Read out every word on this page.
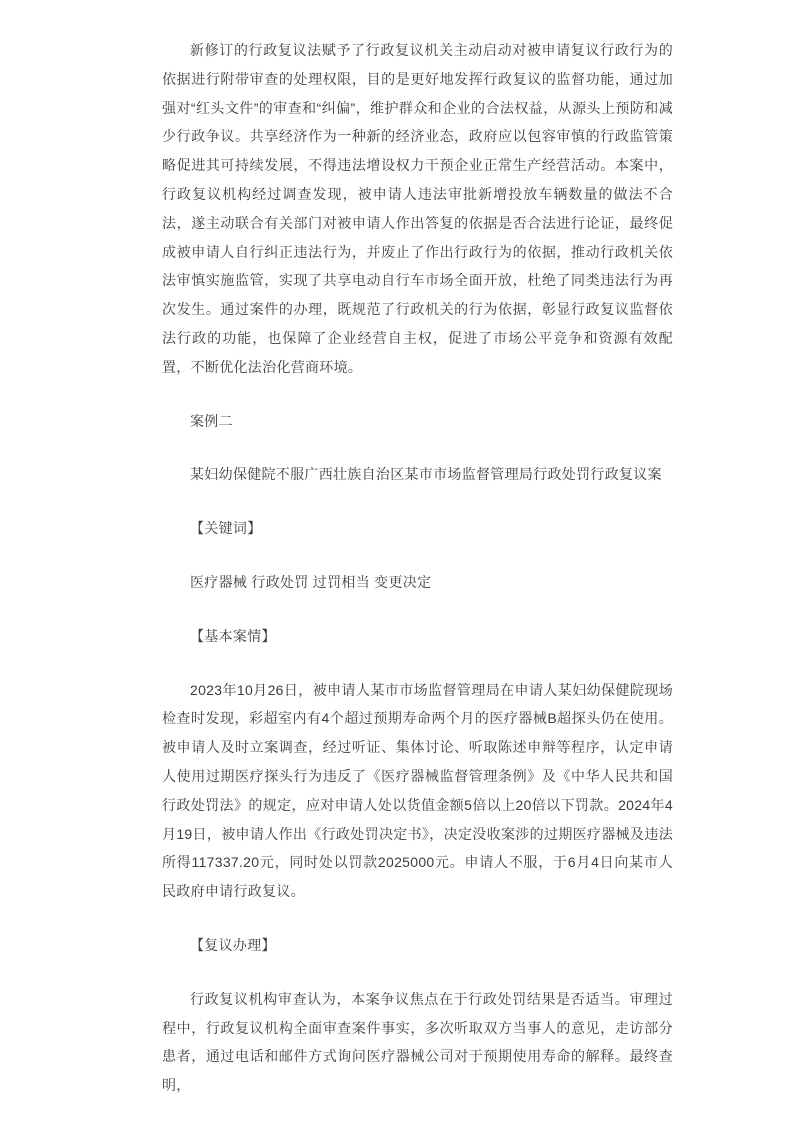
新修订的行政复议法赋予了行政复议机关主动启动对被申请复议行政行为的依据进行附带审查的处理权限，目的是更好地发挥行政复议的监督功能，通过加强对“红头文件”的审查和“纠偏”，维护群众和企业的合法权益，从源头上预防和减少行政争议。共享经济作为一种新的经济业态，政府应以包容审慎的行政监管策略促进其可持续发展，不得违法增设权力干预企业正常生产经营活动。本案中，行政复议机构经过调查发现，被申请人违法审批新增投放车辆数量的做法不合法，遂主动联合有关部门对被申请人作出答复的依据是否合法进行论证，最终促成被申请人自行纠正违法行为，并废止了作出行政行为的依据，推动行政机关依法审慎实施监管，实现了共享电动自行车市场全面开放，杜绝了同类违法行为再次发生。通过案件的办理，既规范了行政机关的行为依据，彰显行政复议监督依法行政的功能，也保障了企业经营自主权，促进了市场公平竞争和资源有效配置，不断优化法治化营商环境。

案例二

某妇幼保健院不服广西壮族自治区某市市场监督管理局行政处罚行政复议案

【关键词】

医疗器械 行政处罚 过罚相当 变更决定

【基本案情】

2023年10月26日，被申请人某市市场监督管理局在申请人某妇幼保健院现场检查时发现，彩超室内有4个超过预期寿命两个月的医疗器械B超探头仍在使用。被申请人及时立案调查，经过听证、集体讨论、听取陈述申辩等程序，认定申请人使用过期医疗探头行为违反了《医疗器械监督管理条例》及《中华人民共和国行政处罚法》的规定，应对申请人处以货值金额5倍以上20倍以下罚款。2024年4月19日，被申请人作出《行政处罚决定书》，决定没收案涉的过期医疗器械及违法所得117337.20元，同时处以罚款2025000元。申请人不服，于6月4日向某市人民政府申请行政复议。

【复议办理】

行政复议机构审查认为，本案争议焦点在于行政处罚结果是否适当。审理过程中，行政复议机构全面审查案件事实，多次听取双方当事人的意见，走访部分患者，通过电话和邮件方式询问医疗器械公司对于预期使用寿命的解释。最终查明，
